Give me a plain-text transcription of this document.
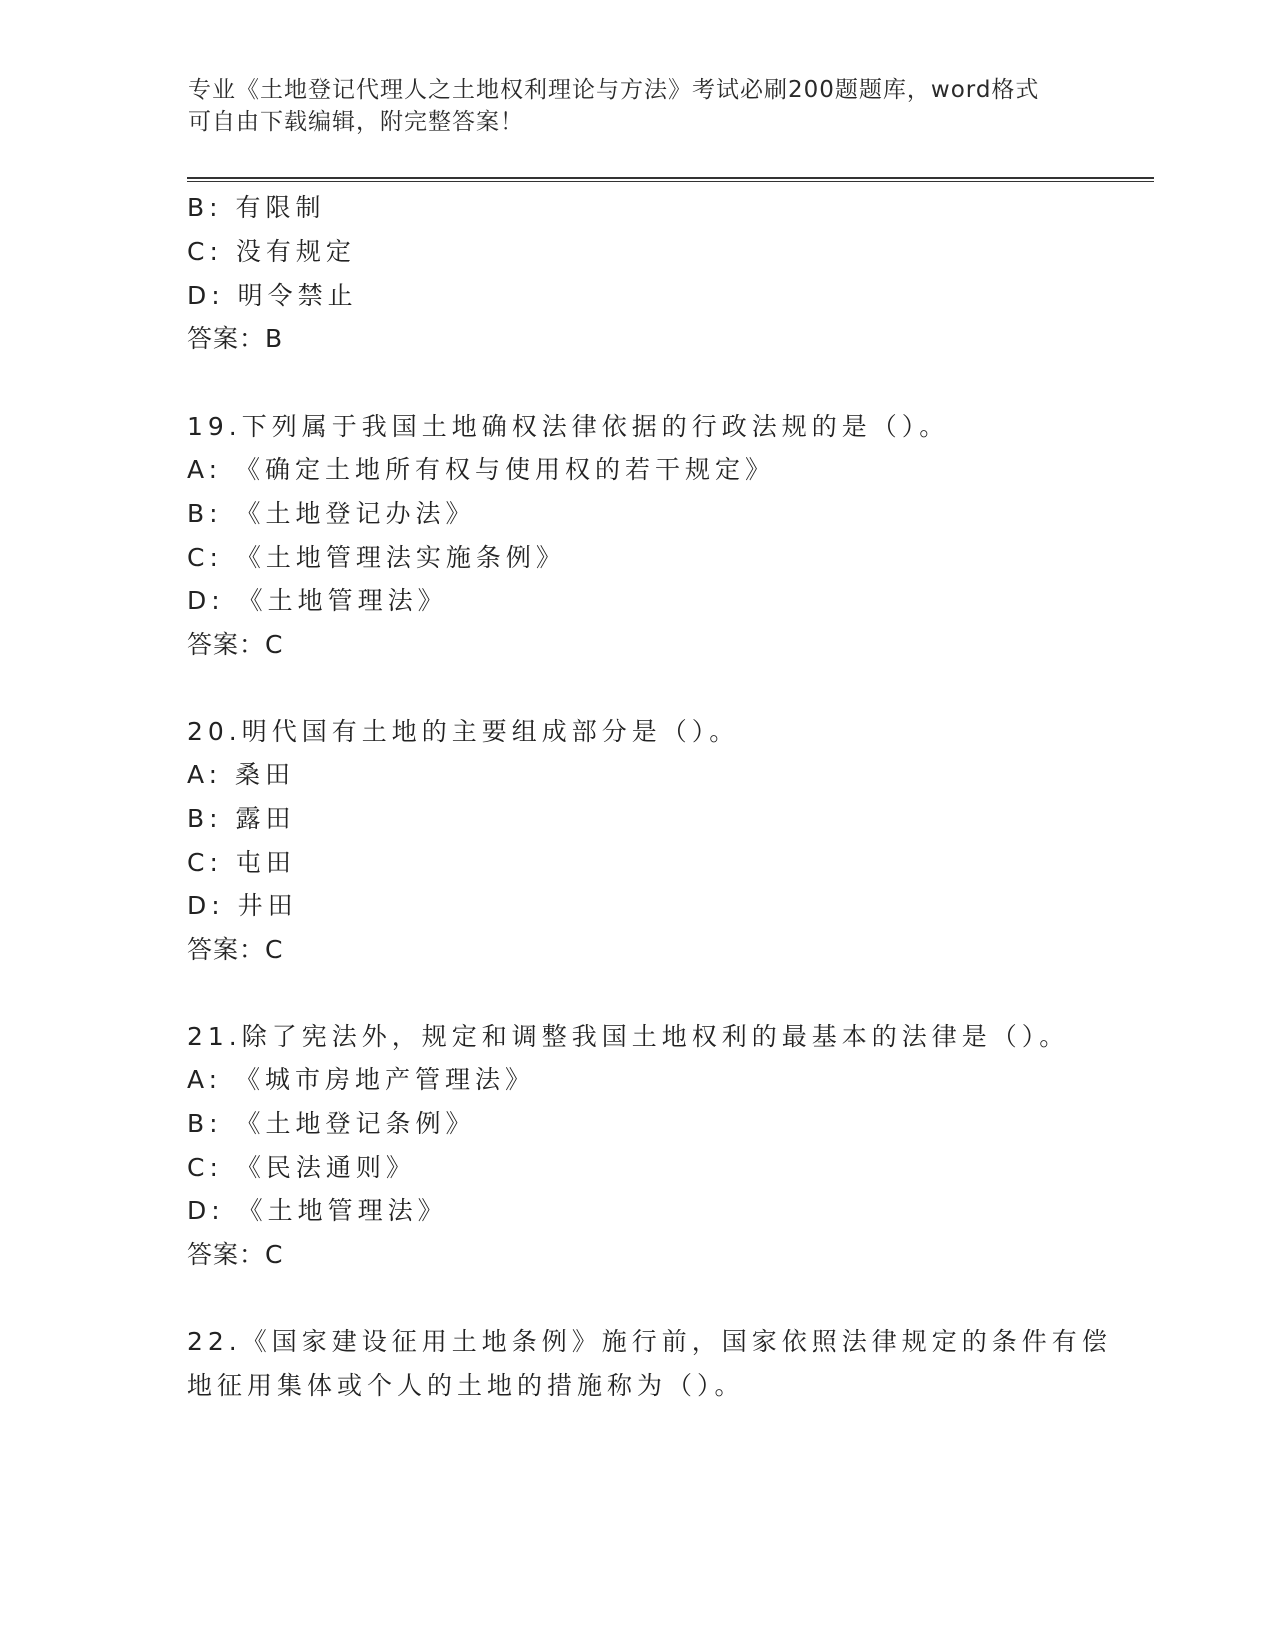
专业《土地登记代理人之土地权利理论与方法》考试必刷200题题库，word格式
可自由下载编辑，附完整答案！
B: 有限制
C: 没有规定
D: 明令禁止
答案：B
19.下列属于我国土地确权法律依据的行政法规的是（）。
A: 《确定土地所有权与使用权的若干规定》
B: 《土地登记办法》
C: 《土地管理法实施条例》
D: 《土地管理法》
答案：C
20.明代国有土地的主要组成部分是（）。
A: 桑田
B: 露田
C: 屯田
D: 井田
答案：C
21.除了宪法外，规定和调整我国土地权利的最基本的法律是（）。
A: 《城市房地产管理法》
B: 《土地登记条例》
C: 《民法通则》
D: 《土地管理法》
答案：C
22.《国家建设征用土地条例》施行前，国家依照法律规定的条件有偿
地征用集体或个人的土地的措施称为（）。
